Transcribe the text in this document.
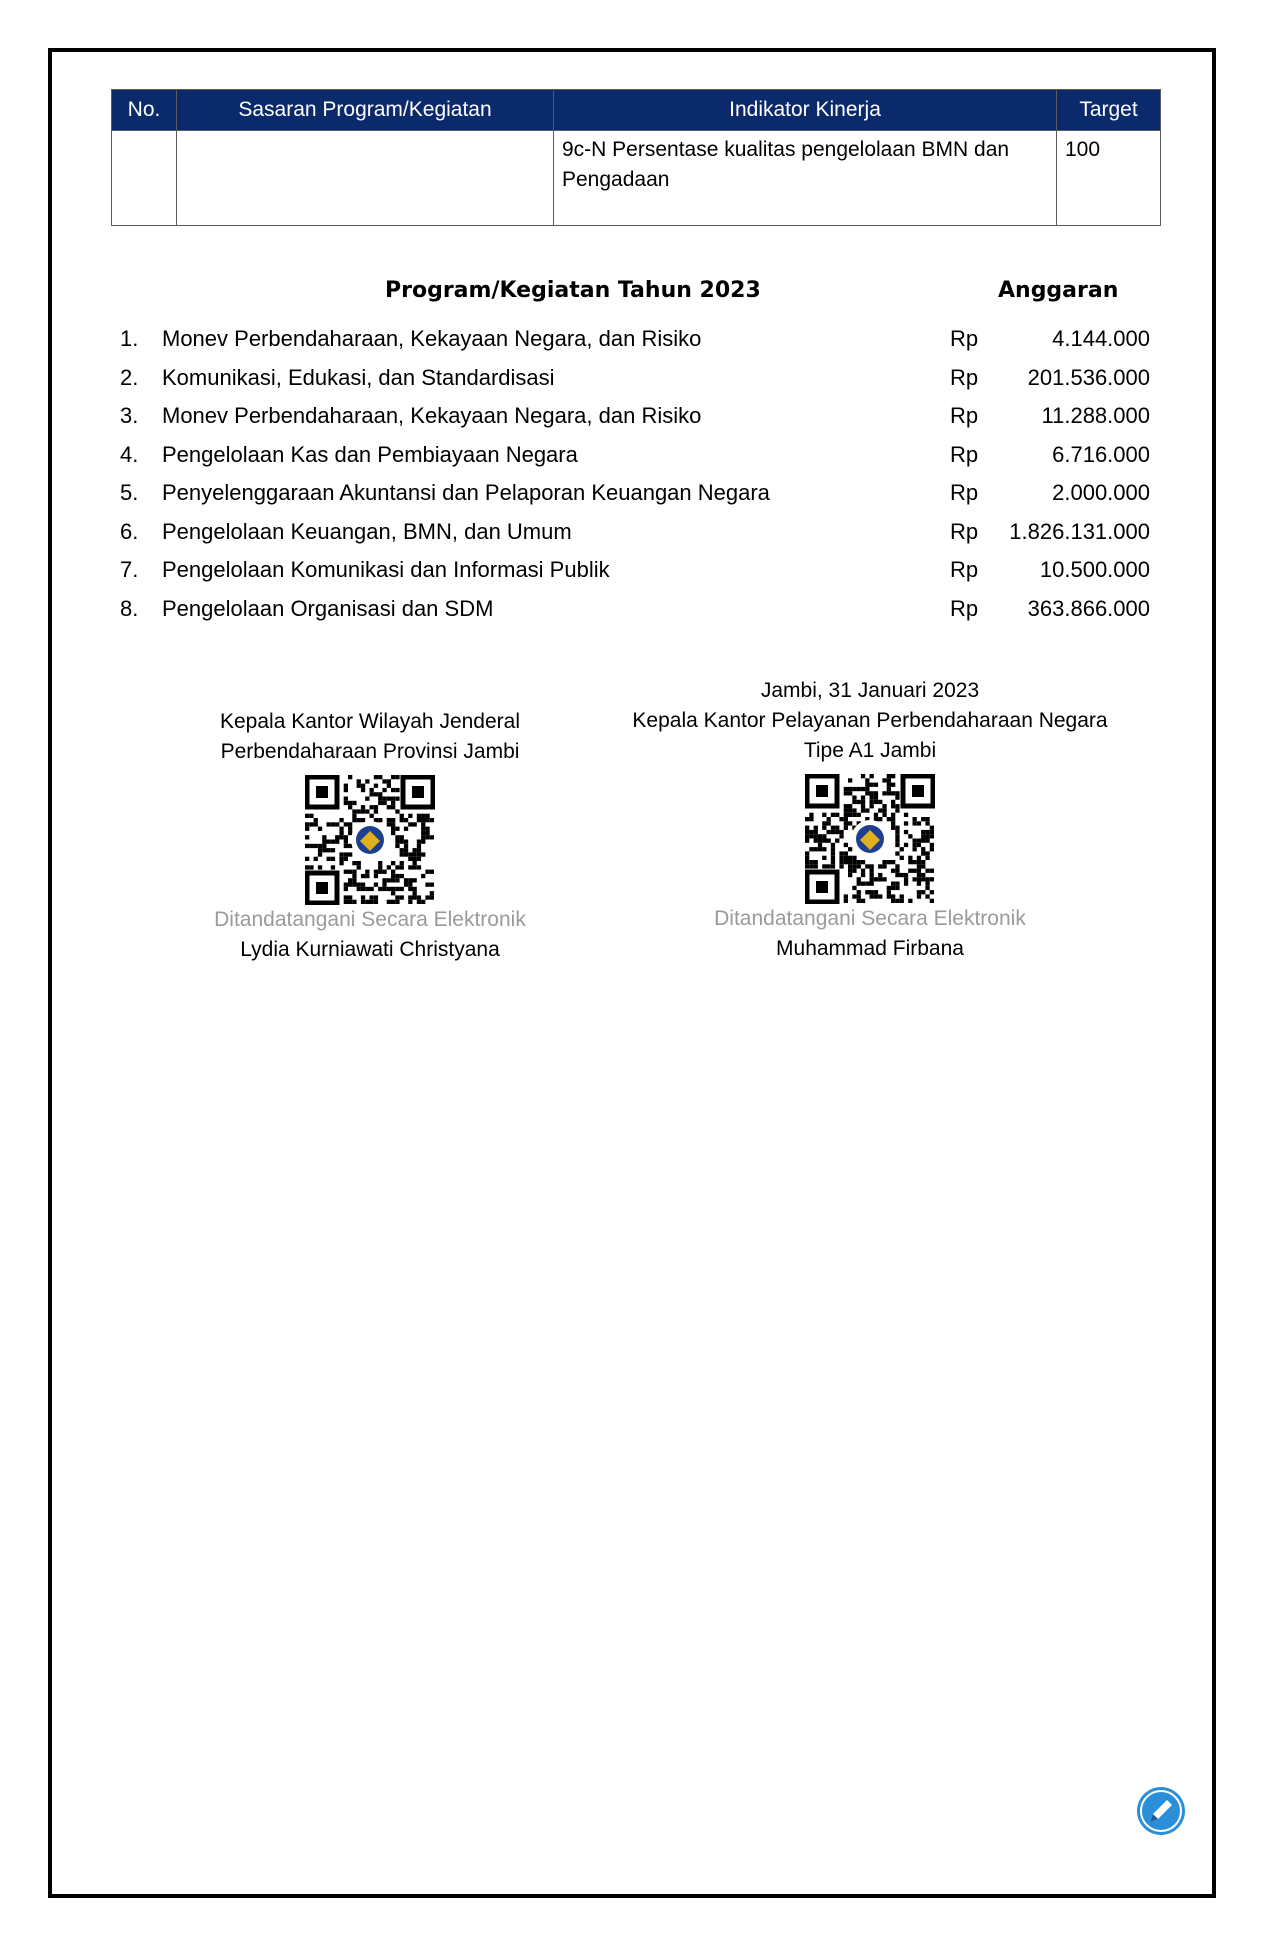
No.	Sasaran Program/Kegiatan	Indikator Kinerja	Target
		9c-N Persentase kualitas pengelolaan BMN dan Pengadaan	100
Program/Kegiatan Tahun 2023	Anggaran
1.	Monev Perbendaharaan, Kekayaan Negara, dan Risiko	Rp	4.144.000
2.	Komunikasi, Edukasi, dan Standardisasi	Rp 201.536.000
3.	Monev Perbendaharaan, Kekayaan Negara, dan Risiko	Rp	11.288.000
4.	Pengelolaan Kas dan Pembiayaan Negara	Rp	6.716.000
5.	Penyelenggaraan Akuntansi dan Pelaporan Keuangan Negara	Rp	2.000.000
6.	Pengelolaan Keuangan, BMN, dan Umum	Rp 1.826.131.000
7.	Pengelolaan Komunikasi dan Informasi Publik	Rp	10.500.000
8.	Pengelolaan Organisasi dan SDM	Rp 363.866.000
Kepala Kantor Wilayah Jenderal
Perbendaharaan Provinsi Jambi
Ditandatangani Secara Elektronik
Lydia Kurniawati Christyana
Jambi, 31 Januari 2023
Kepala Kantor Pelayanan Perbendaharaan Negara
Tipe A1 Jambi
Ditandatangani Secara Elektronik
Muhammad Firbana
